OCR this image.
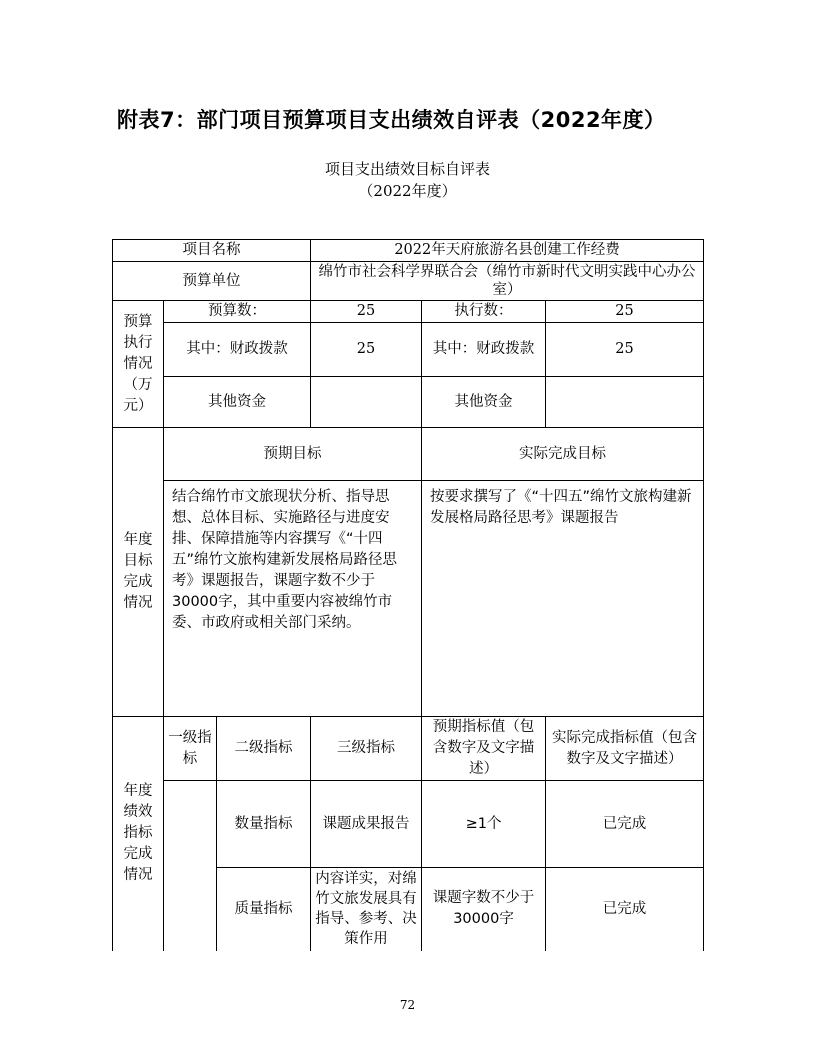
附表7：部门项目预算项目支出绩效自评表（2022年度）
项目支出绩效目标自评表
（2022年度）
项目名称			2022年天府旅游名县创建工作经费		
预算单位			绵竹市社会科学界联合会（绵竹市新时代文明实践中心办公室）		
预算执行情况（万元）	预算数：		25	执行数：	25
	其中：财政拨款		25	其中：财政拨款	25
	其他资金			其他资金	
年度目标完成情况	预期目标			实际完成目标	
	结合绵竹市文旅现状分析、指导思想、总体目标、实施路径与进度安排、保障措施等内容撰写《“十四五”绵竹文旅构建新发展格局路径思考》课题报告，课题字数不少于30000字，其中重要内容被绵竹市委、市政府或相关部门采纳。			按要求撰写了《“十四五”绵竹文旅构建新发展格局路径思考》课题报告	
年度绩效指标完成情况	一级指标	二级指标	三级指标	预期指标值（包含数字及文字描述）	实际完成指标值（包含数字及文字描述）
		数量指标	课题成果报告	≥1个	已完成
		质量指标	内容详实，对绵竹文旅发展具有指导、参考、决策作用	课题字数不少于30000字	已完成
72
